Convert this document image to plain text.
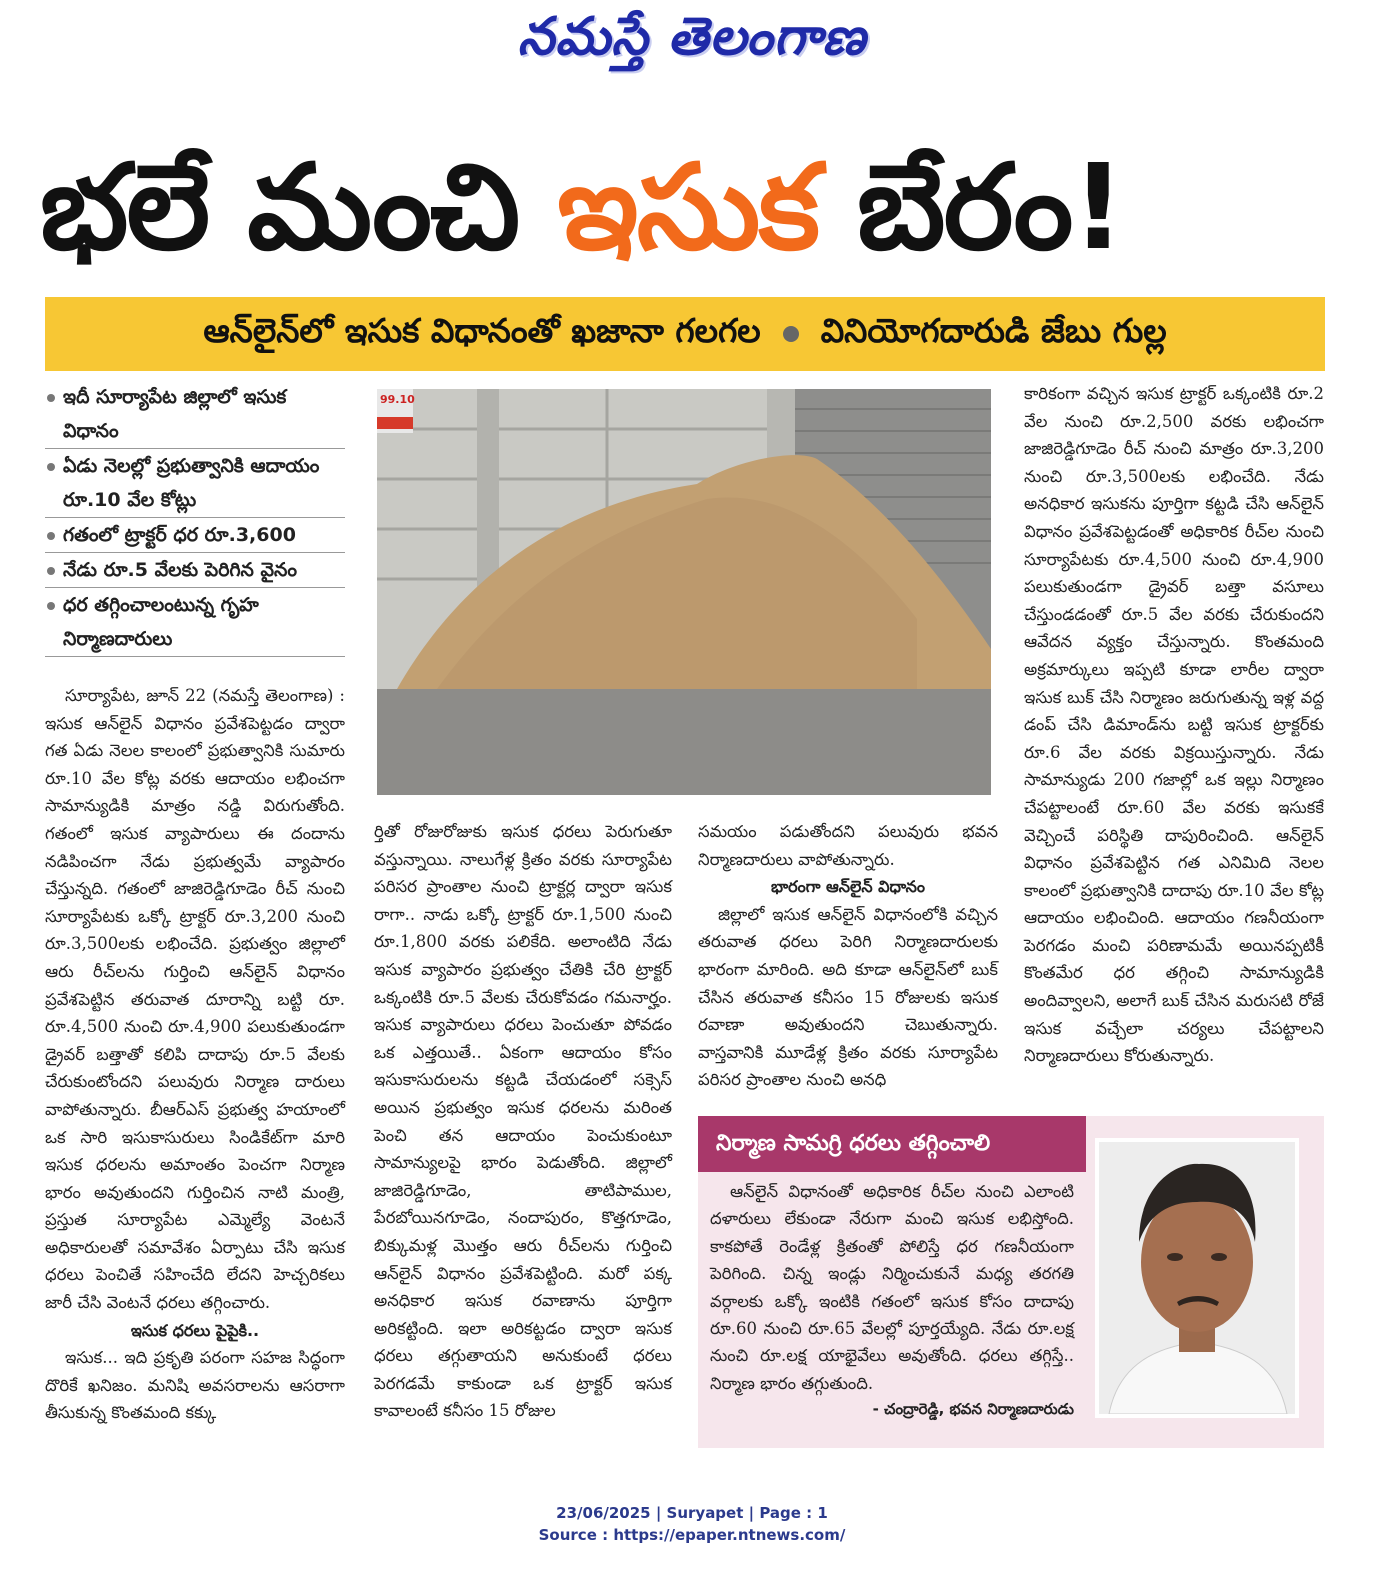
నమస్తే తెలంగాణ
భలే మంచి ఇసుక బేరం!
ఆన్‌లైన్‌లో ఇసుక విధానంతో ఖజానా గలగల వినియోగదారుడి జేబు గుల్ల
ఇదీ సూర్యాపేట జిల్లాలో ఇసుక విధానం
ఏడు నెలల్లో ప్రభుత్వానికి ఆదాయం రూ.10 వేల కోట్లు
గతంలో ట్రాక్టర్ ధర రూ.3,600
నేడు రూ.5 వేలకు పెరిగిన వైనం
ధర తగ్గించాలంటున్న గృహ నిర్మాణదారులు
99.10

సూర్యాపేట, జూన్ 22 (నమస్తే తెలంగాణ) : ఇసుక ఆన్‌లైన్ విధానం ప్రవేశపెట్టడం ద్వారా గత ఏడు నెలల కాలంలో ప్రభుత్వానికి సుమారు రూ.10 వేల కోట్ల వరకు ఆదాయం లభించగా సామాన్యుడికి మాత్రం నడ్డి విరుగుతోంది. గతంలో ఇసుక వ్యాపారులు ఈ దందాను నడిపించగా నేడు ప్రభుత్వమే వ్యాపారం చేస్తున్నది. గతంలో జాజిరెడ్డిగూడెం రీచ్ నుంచి సూర్యాపేటకు ఒక్కో ట్రాక్టర్ రూ.3,200 నుంచి రూ.3,500లకు లభించేది. ప్రభుత్వం జిల్లాలో ఆరు రీచ్‌లను గుర్తించి ఆన్‌లైన్ విధానం ప్రవేశపెట్టిన తరువాత దూరాన్ని బట్టి రూ. రూ.4,500 నుంచి రూ.4,900 పలుకుతుండగా డ్రైవర్ బత్తాతో కలిపి దాదాపు రూ.5 వేలకు చేరుకుంటోందని పలువురు నిర్మాణ దారులు వాపోతున్నారు. బీఆర్‌ఎస్ ప్రభుత్వ హయాంలో ఒక సారి ఇసుకాసురులు సిండికేట్‌గా మారి ఇసుక ధరలను అమాంతం పెంచగా నిర్మాణ భారం అవుతుందని గుర్తించిన నాటి మంత్రి, ప్రస్తుత సూర్యాపేట ఎమ్మెల్యే వెంటనే అధికారులతో సమావేశం ఏర్పాటు చేసి ఇసుక ధరలు పెంచితే సహించేది లేదని హెచ్చరికలు జారీ చేసి వెంటనే ధరలు తగ్గించారు.

ఇసుక ధరలు పైపైకి..

ఇసుక... ఇది ప్రకృతి పరంగా సహజ సిద్ధంగా దొరికే ఖనిజం. మనిషి అవసరాలను ఆసరాగా తీసుకున్న కొంతమంది కక్కు

ర్తితో రోజురోజుకు ఇసుక ధరలు పెరుగుతూ వస్తున్నాయి. నాలుగేళ్ల క్రితం వరకు సూర్యాపేట పరిసర ప్రాంతాల నుంచి ట్రాక్టర్ల ద్వారా ఇసుక రాగా.. నాడు ఒక్కో ట్రాక్టర్ రూ.1,500 నుంచి రూ.1,800 వరకు పలికేది. అలాంటిది నేడు ఇసుక వ్యాపారం ప్రభుత్వం చేతికి చేరి ట్రాక్టర్ ఒక్కంటికి రూ.5 వేలకు చేరుకోవడం గమనార్హం. ఇసుక వ్యాపారులు ధరలు పెంచుతూ పోవడం ఒక ఎత్తయితే.. ఏకంగా ఆదాయం కోసం ఇసుకాసురులను కట్టడి చేయడంలో సక్సెస్ అయిన ప్రభుత్వం ఇసుక ధరలను మరింత పెంచి తన ఆదాయం పెంచుకుంటూ సామాన్యులపై భారం పెడుతోంది. జిల్లాలో జాజిరెడ్డిగూడెం, తాటిపాముల, పేరబోయినగూడెం, నందాపురం, కొత్తగూడెం, బిక్కుమళ్ల మొత్తం ఆరు రీచ్‌లను గుర్తించి ఆన్‌లైన్ విధానం ప్రవేశపెట్టింది. మరో పక్క అనధికార ఇసుక రవాణాను పూర్తిగా అరికట్టింది. ఇలా అరికట్టడం ద్వారా ఇసుక ధరలు తగ్గుతాయని అనుకుంటే ధరలు పెరగడమే కాకుండా ఒక ట్రాక్టర్ ఇసుక కావాలంటే కనీసం 15 రోజుల

సమయం పడుతోందని పలువురు భవన నిర్మాణదారులు వాపోతున్నారు.

భారంగా ఆన్‌లైన్ విధానం

జిల్లాలో ఇసుక ఆన్‌లైన్ విధానంలోకి వచ్చిన తరువాత ధరలు పెరిగి నిర్మాణదారులకు భారంగా మారింది. అది కూడా ఆన్‌లైన్‌లో బుక్ చేసిన తరువాత కనీసం 15 రోజులకు ఇసుక రవాణా అవుతుందని చెబుతున్నారు. వాస్తవానికి మూడేళ్ల క్రితం వరకు సూర్యాపేట పరిసర ప్రాంతాల నుంచి అనధి

కారికంగా వచ్చిన ఇసుక ట్రాక్టర్ ఒక్కంటికి రూ.2 వేల నుంచి రూ.2,500 వరకు లభించగా జాజిరెడ్డిగూడెం రీచ్ నుంచి మాత్రం రూ.3,200 నుంచి రూ.3,500లకు లభించేది. నేడు అనధికార ఇసుకను పూర్తిగా కట్టడి చేసి ఆన్‌లైన్ విధానం ప్రవేశపెట్టడంతో అధికారిక రీచ్‌ల నుంచి సూర్యాపేటకు రూ.4,500 నుంచి రూ.4,900 పలుకుతుండగా డ్రైవర్ బత్తా వసూలు చేస్తుండడంతో రూ.5 వేల వరకు చేరుకుందని ఆవేదన వ్యక్తం చేస్తున్నారు. కొంతమంది అక్రమార్కులు ఇప్పటి కూడా లారీల ద్వారా ఇసుక బుక్ చేసి నిర్మాణం జరుగుతున్న ఇళ్ల వద్ద డంప్ చేసి డిమాండ్‌ను బట్టి ఇసుక ట్రాక్టర్‌కు రూ.6 వేల వరకు విక్రయిస్తున్నారు. నేడు సామాన్యుడు 200 గజాల్లో ఒక ఇల్లు నిర్మాణం చేపట్టాలంటే రూ.60 వేల వరకు ఇసుకకే వెచ్చించే పరిస్థితి దాపురించింది. ఆన్‌లైన్ విధానం ప్రవేశపెట్టిన గత ఎనిమిది నెలల కాలంలో ప్రభుత్వానికి దాదాపు రూ.10 వేల కోట్ల ఆదాయం లభించింది. ఆదాయం గణనీయంగా పెరగడం మంచి పరిణామమే అయినప్పటికీ కొంతమేర ధర తగ్గించి సామాన్యుడికి అందివ్వాలని, అలాగే బుక్ చేసిన మరుసటి రోజే ఇసుక వచ్చేలా చర్యలు చేపట్టాలని నిర్మాణదారులు కోరుతున్నారు.

నిర్మాణ సామగ్రి ధరలు తగ్గించాలి

ఆన్‌లైన్ విధానంతో అధికారిక రీచ్‌ల నుంచి ఎలాంటి దళారులు లేకుండా నేరుగా మంచి ఇసుక లభిస్తోంది. కాకపోతే రెండేళ్ల క్రితంతో పోలిస్తే ధర గణనీయంగా పెరిగింది. చిన్న ఇండ్లు నిర్మించుకునే మధ్య తరగతి వర్గాలకు ఒక్కో ఇంటికి గతంలో ఇసుక కోసం దాదాపు రూ.60 నుంచి రూ.65 వేలల్లో పూర్తయ్యేది. నేడు రూ.లక్ష నుంచి రూ.లక్ష యాభైవేలు అవుతోంది. ధరలు తగ్గిస్తే.. నిర్మాణ భారం తగ్గుతుంది.

- చంద్రారెడ్డి, భవన నిర్మాణదారుడు
23/06/2025 | Suryapet | Page : 1
Source : https://epaper.ntnews.com/
